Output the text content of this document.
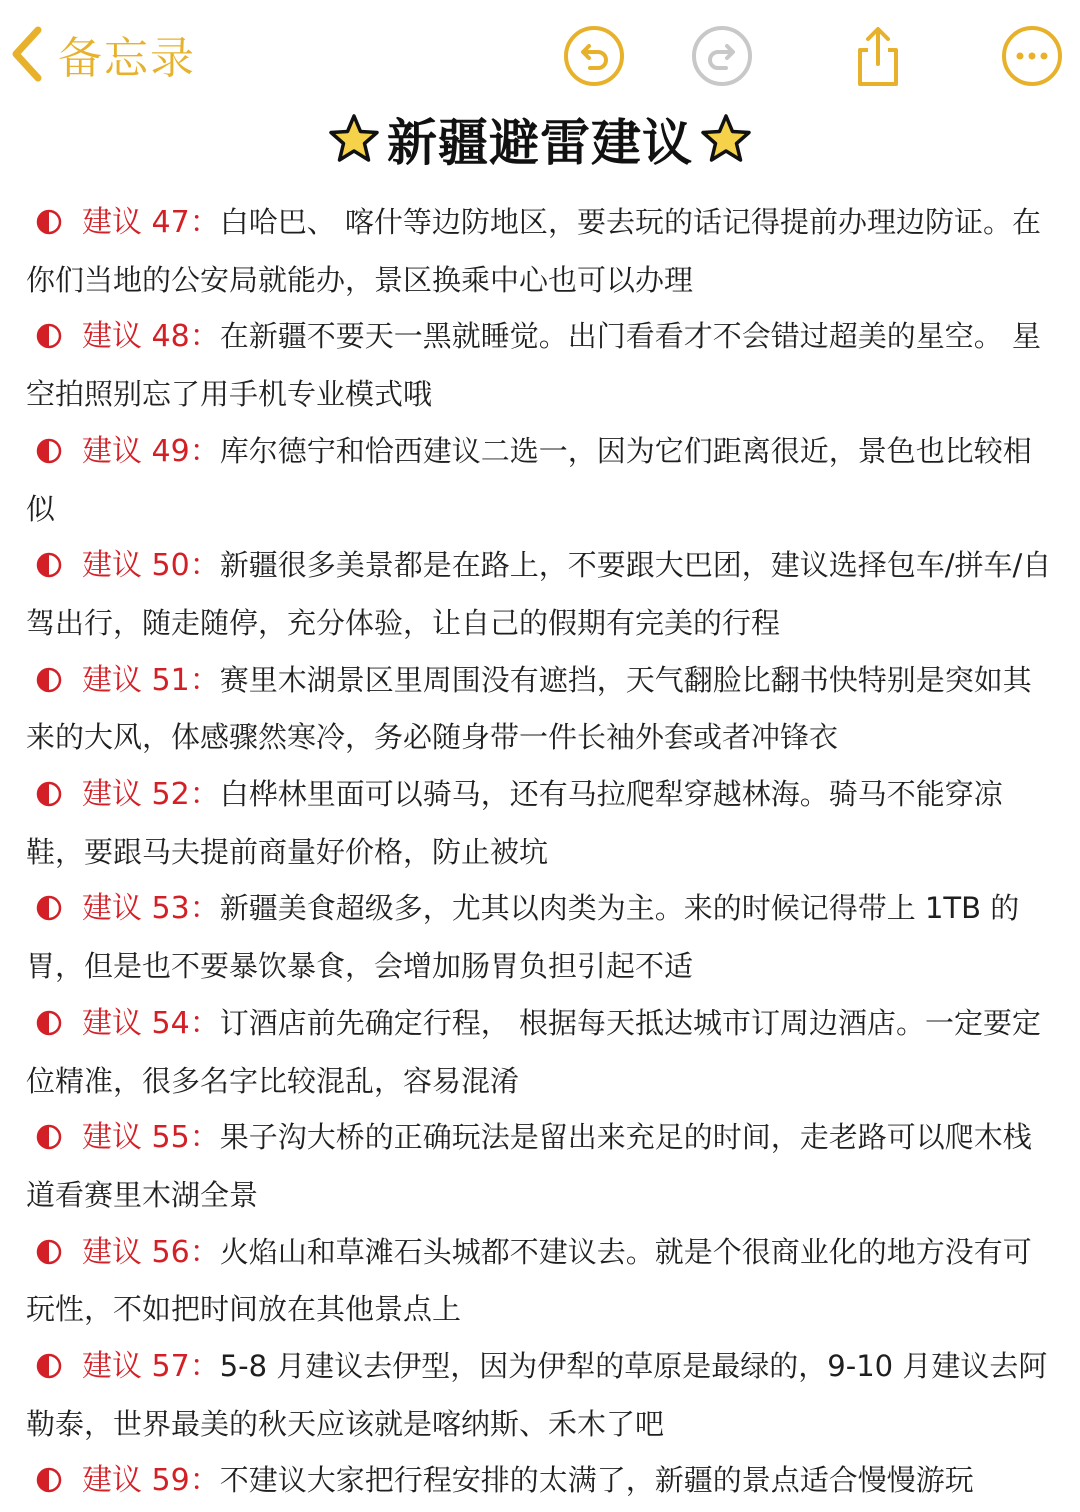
备忘录
新疆避雷建议
建议 47：白哈巴、 喀什等边防地区，要去玩的话记得提前办理边防证。在你们当地的公安局就能办，景区换乘中心也可以办理
建议 48：在新疆不要天一黑就睡觉。出门看看才不会错过超美的星空。 星空拍照别忘了用手机专业模式哦
建议 49：库尔德宁和恰西建议二选一，因为它们距离很近，景色也比较相似
建议 50：新疆很多美景都是在路上，不要跟大巴团，建议选择包车/拼车/自驾出行，随走随停，充分体验，让自己的假期有完美的行程
建议 51：赛里木湖景区里周围没有遮挡，天气翻脸比翻书快特别是突如其来的大风，体感骤然寒冷，务必随身带一件长袖外套或者冲锋衣
建议 52：白桦林里面可以骑马，还有马拉爬犁穿越林海。骑马不能穿凉鞋，要跟马夫提前商量好价格，防止被坑
建议 53：新疆美食超级多，尤其以肉类为主。来的时候记得带上 1TB 的胃，但是也不要暴饮暴食，会增加肠胃负担引起不适
建议 54：订酒店前先确定行程， 根据每天抵达城市订周边酒店。一定要定位精准，很多名字比较混乱，容易混淆
建议 55：果子沟大桥的正确玩法是留出来充足的时间，走老路可以爬木栈道看赛里木湖全景
建议 56：火焰山和草滩石头城都不建议去。就是个很商业化的地方没有可玩性，不如把时间放在其他景点上
建议 57：5-8 月建议去伊型，因为伊犁的草原是最绿的，9-10 月建议去阿勒泰，世界最美的秋天应该就是喀纳斯、禾木了吧
建议 59：不建议大家把行程安排的太满了，新疆的景点适合慢慢游玩
